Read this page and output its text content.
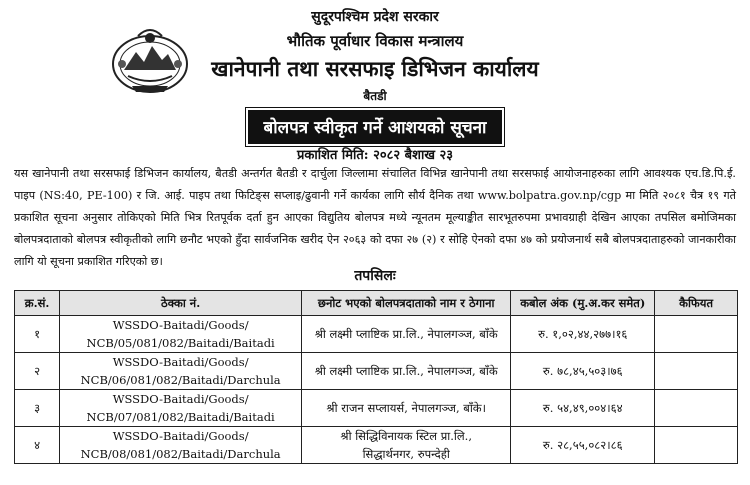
सुदूरपश्चिम प्रदेश सरकार
भौतिक पूर्वाधार विकास मन्त्रालय
खानेपानी तथा सरसफाइ डिभिजन कार्यालय
बैतडी
बोलपत्र स्वीकृत गर्ने आशयको सूचना
प्रकाशित मिति: २०८२ बैशाख २३
यस खानेपानी तथा सरसफाई डिभिजन कार्यालय, बैतडी अन्तर्गत बैतडी र दार्चुला जिल्लामा संचालित विभिन्न खानेपानी तथा सरसफाई आयोजनाहरुका लागि आवश्यक एच.डि.पि.ई. पाइप (NS:40, PE-100) र जि. आई. पाइप तथा फिटिङ्स सप्लाइ/ढुवानी गर्ने कार्यका लागि सौर्य दैनिक तथा www.bolpatra.gov.np/cgp मा मिति २०८१ चैत्र १९ गते प्रकाशित सूचना अनुसार तोकिएको मिति भित्र रितपूर्वक दर्ता हुन आएका विद्युतिय बोलपत्र मध्ये न्यूनतम मूल्याङ्कीत सारभूतरुपमा प्रभावग्राही देखिन आएका तपसिल बमोजिमका बोलपत्रदाताको बोलपत्र स्वीकृतीको लागि छनौट भएको हुँदा सार्वजनिक खरीद ऐन २०६३ को दफा २७ (२) र सोहि ऐनको दफा ४७ को प्रयोजनार्थ सबै बोलपत्रदाताहरुको जानकारीका लागि यो सूचना प्रकाशित गरिएको छ।
तपसिलः
क्र.सं.	ठेक्का नं.	छनोट भएको बोलपत्रदाताको नाम र ठेगाना	कबोल अंक (मु.अ.कर समेत)	कैफियत
१	WSSDO-Baitadi/Goods/
NCB/05/081/082/Baitadi/Baitadi	श्री लक्ष्मी प्लाष्टिक प्रा.लि., नेपालगञ्ज, बाँके	रु. १,०२,४४,२७७।१६	
२	WSSDO-Baitadi/Goods/
NCB/06/081/082/Baitadi/Darchula	श्री लक्ष्मी प्लाष्टिक प्रा.लि., नेपालगञ्ज, बाँके	रु. ७८,४५,५०३।७६	
३	WSSDO-Baitadi/Goods/
NCB/07/081/082/Baitadi/Baitadi	श्री राजन सप्लायर्स, नेपालगञ्ज, बाँके।	रु. ५४,४९,००४।६४	
४	WSSDO-Baitadi/Goods/
NCB/08/081/082/Baitadi/Darchula	श्री सिद्धिविनायक स्टिल प्रा.लि.,
सिद्धार्थनगर, रुपन्देही	रु. २८,५५,०८२।८६	
